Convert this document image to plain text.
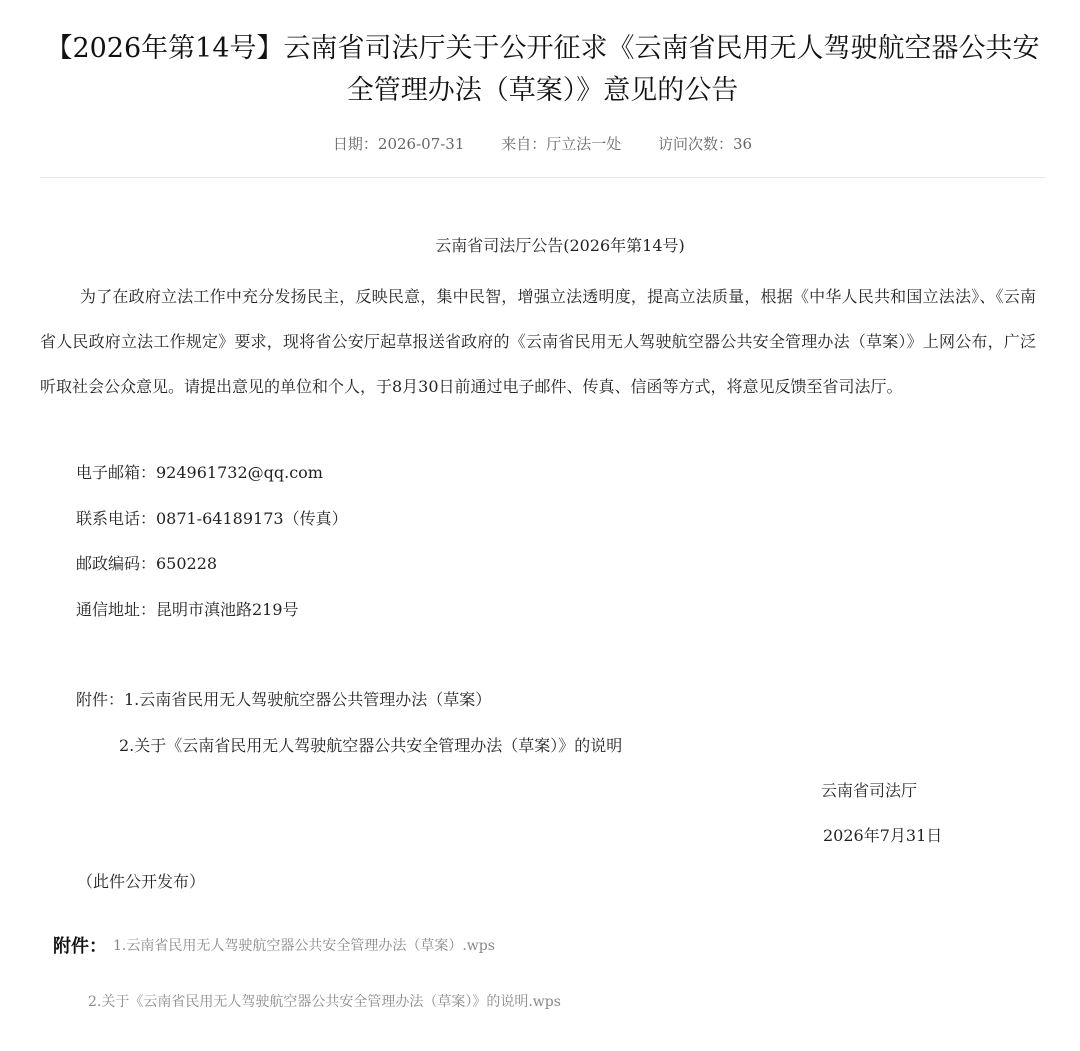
【2026年第14号】云南省司法厅关于公开征求《云南省民用无人驾驶航空器公共安全管理办法（草案）》意见的公告
日期：2026-07-31 来自：厅立法一处 访问次数：36
云南省司法厅公告(2026年第14号)
为了在政府立法工作中充分发扬民主，反映民意，集中民智，增强立法透明度，提高立法质量，根据《中华人民共和国立法法》、《云南省人民政府立法工作规定》要求，现将省公安厅起草报送省政府的《云南省民用无人驾驶航空器公共安全管理办法（草案）》上网公布，广泛听取社会公众意见。请提出意见的单位和个人，于8月30日前通过电子邮件、传真、信函等方式，将意见反馈至省司法厅。
电子邮箱：924961732@qq.com
联系电话：0871-64189173（传真）
邮政编码：650228
通信地址：昆明市滇池路219号
附件：1.云南省民用无人驾驶航空器公共管理办法（草案）
2.关于《云南省民用无人驾驶航空器公共安全管理办法（草案）》的说明
云南省司法厅
2026年7月31日
（此件公开发布）
附件： 1.云南省民用无人驾驶航空器公共安全管理办法（草案）.wps
2.关于《云南省民用无人驾驶航空器公共安全管理办法（草案）》的说明.wps
